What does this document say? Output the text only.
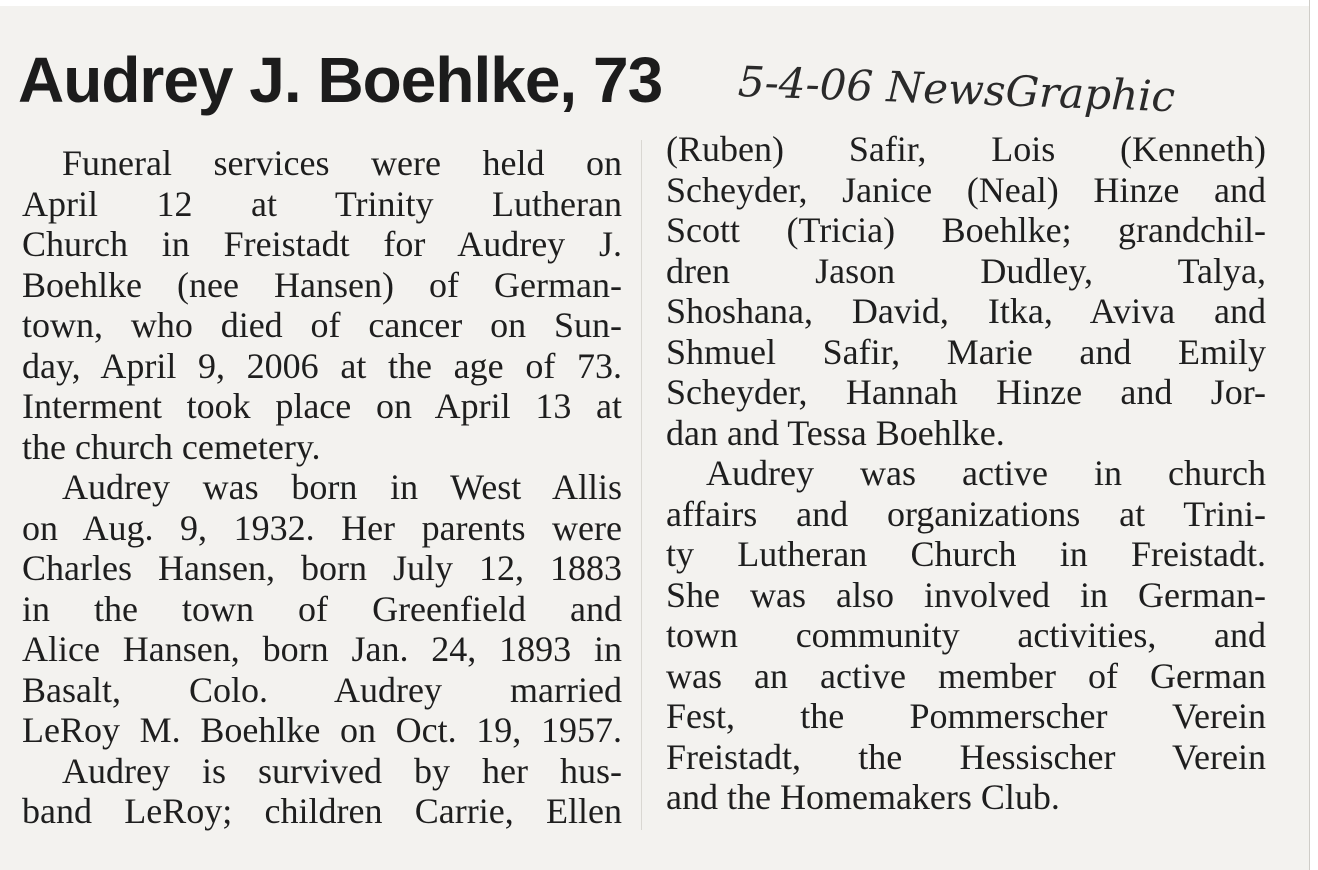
Audrey J. Boehlke, 73 5-4-06 NewsGraphic
Funeral services were held on
April 12 at Trinity Lutheran
Church in Freistadt for Audrey J.
Boehlke (nee Hansen) of German-
town, who died of cancer on Sun-
day, April 9, 2006 at the age of 73.
Interment took place on April 13 at
the church cemetery.
Audrey was born in West Allis
on Aug. 9, 1932. Her parents were
Charles Hansen, born July 12, 1883
in the town of Greenfield and
Alice Hansen, born Jan. 24, 1893 in
Basalt, Colo. Audrey married
LeRoy M. Boehlke on Oct. 19, 1957.
Audrey is survived by her hus-
band LeRoy; children Carrie, Ellen
(Ruben) Safir, Lois (Kenneth)
Scheyder, Janice (Neal) Hinze and
Scott (Tricia) Boehlke; grandchil-
dren Jason Dudley, Talya,
Shoshana, David, Itka, Aviva and
Shmuel Safir, Marie and Emily
Scheyder, Hannah Hinze and Jor-
dan and Tessa Boehlke.
Audrey was active in church
affairs and organizations at Trini-
ty Lutheran Church in Freistadt.
She was also involved in German-
town community activities, and
was an active member of German
Fest, the Pommerscher Verein
Freistadt, the Hessischer Verein
and the Homemakers Club.
